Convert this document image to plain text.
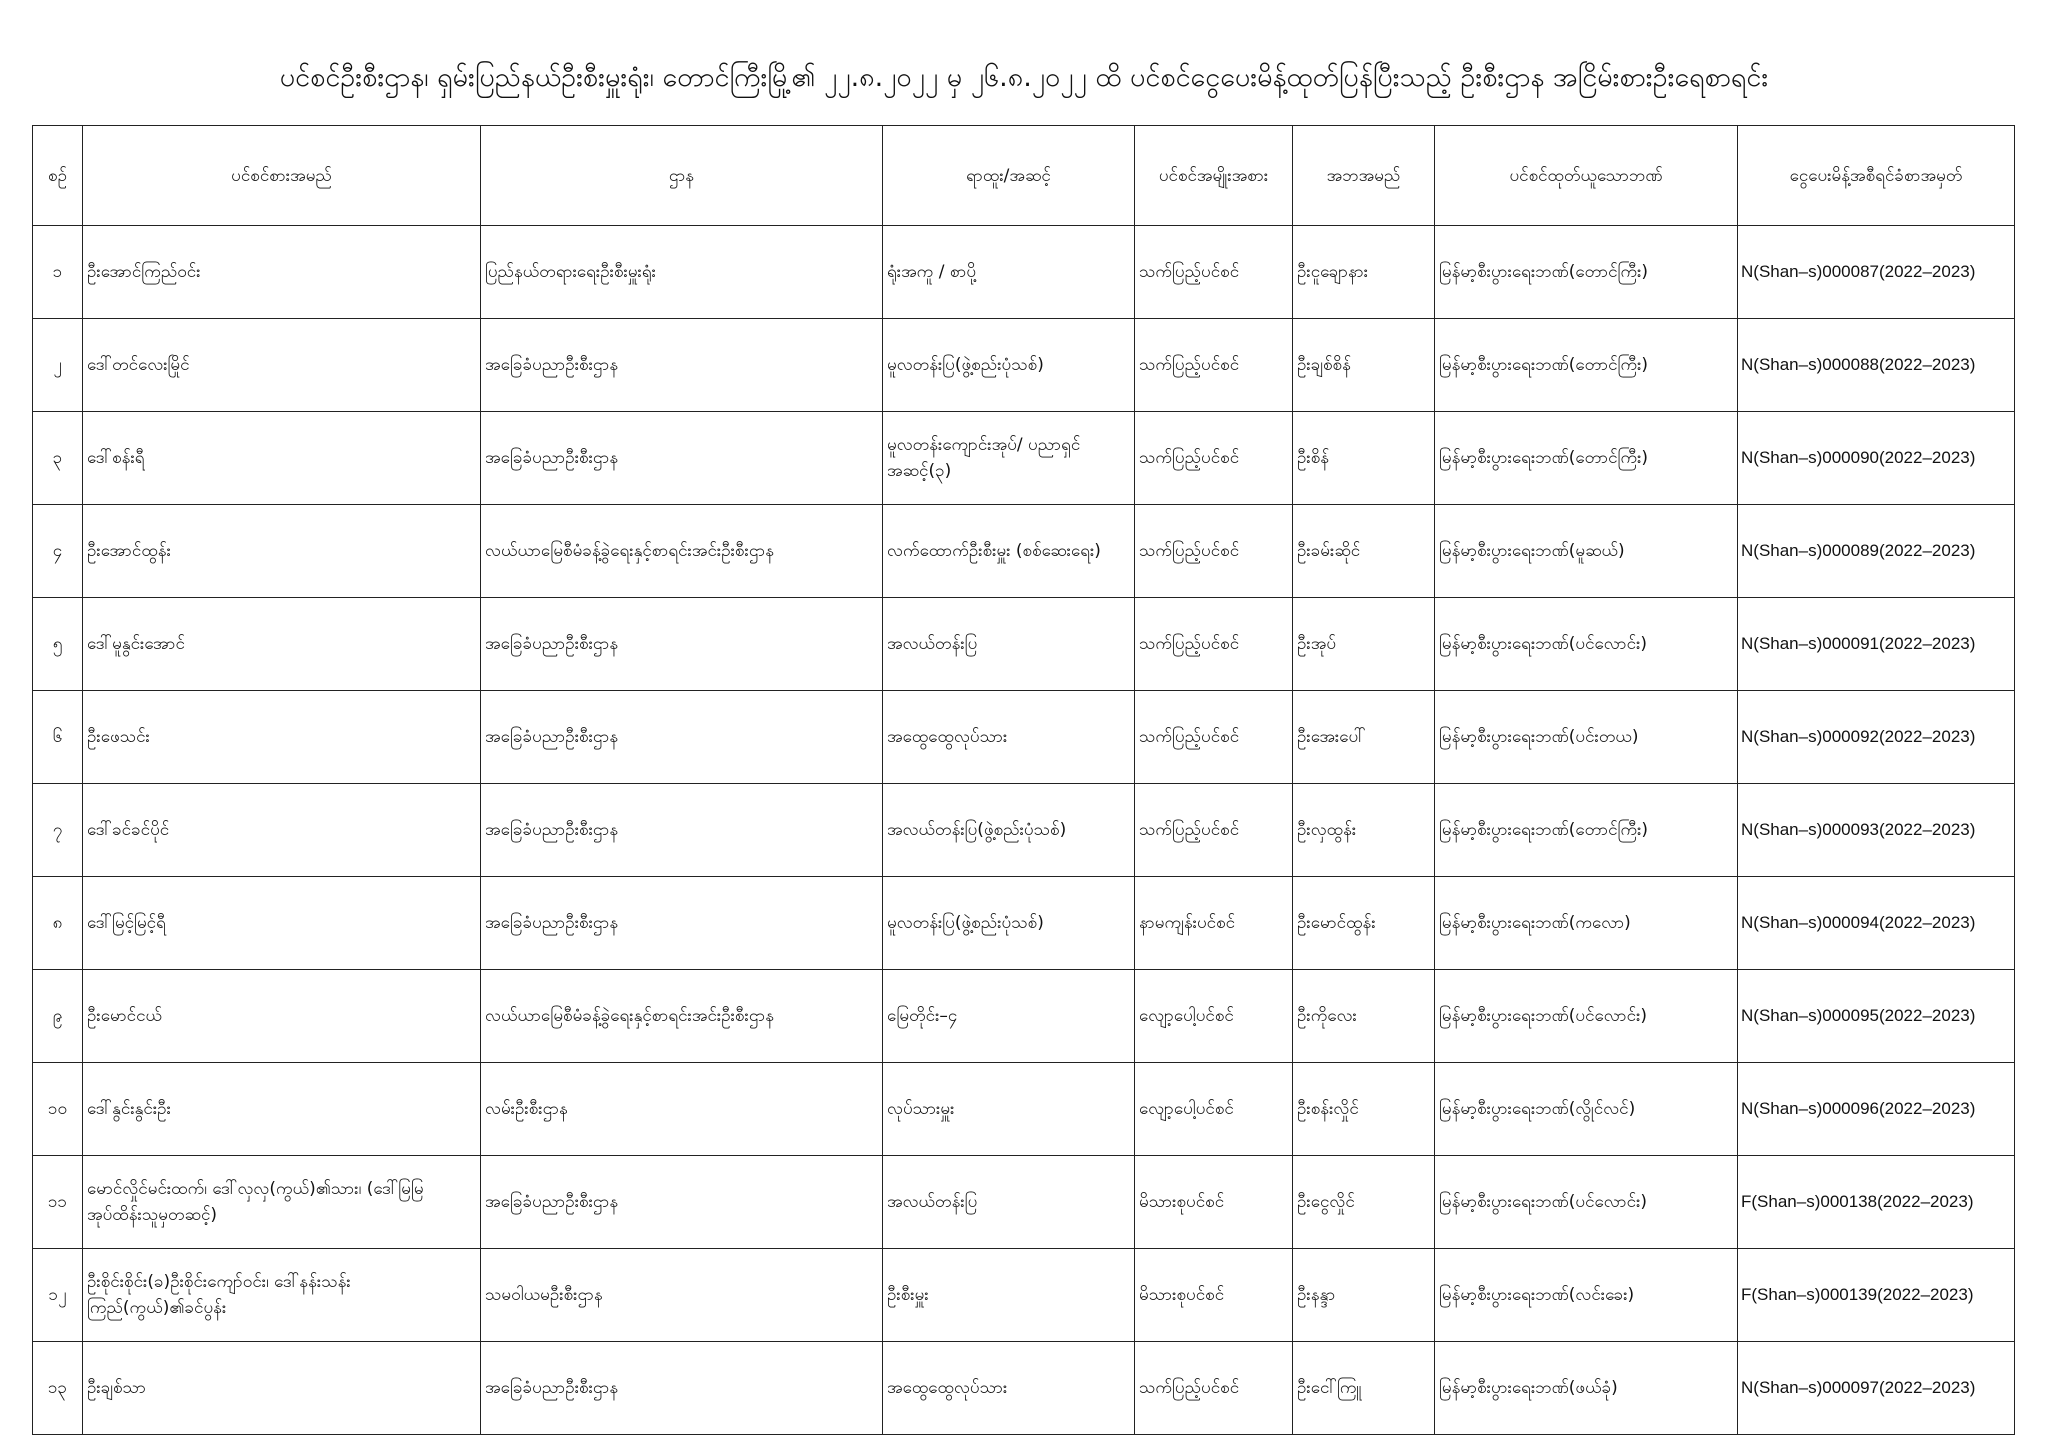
ပင်စင်ဦးစီးဌာန၊ ရှမ်းပြည်နယ်ဦးစီးမှူးရုံး၊ တောင်ကြီးမြို့၏ ၂၂.၈.၂၀၂၂ မှ ၂၆.၈.၂၀၂၂ ထိ ပင်စင်ငွေပေးမိန့်ထုတ်ပြန်ပြီးသည့် ဦးစီးဌာန အငြိမ်းစားဦးရေစာရင်း
စဉ်	ပင်စင်စားအမည်	ဌာန	ရာထူး/အဆင့်	ပင်စင်အမျိုးအစား	အဘအမည်	ပင်စင်ထုတ်ယူသောဘဏ်	ငွေပေးမိန့်အစီရင်ခံစာအမှတ်
၁	ဦးအောင်ကြည်ဝင်း	ပြည်နယ်တရားရေးဦးစီးမှူးရုံး	ရုံးအကူ / စာပို့	သက်ပြည့်ပင်စင်	ဦးငူချောနား	မြန်မာ့စီးပွားရေးဘဏ်(တောင်ကြီး)	N(Shan–s)000087(2022–2023)
၂	ဒေါ်တင်လေးမြိုင်	အခြေခံပညာဦးစီးဌာန	မူလတန်းပြ(ဖွဲ့စည်းပုံသစ်)	သက်ပြည့်ပင်စင်	ဦးချစ်စိန်	မြန်မာ့စီးပွားရေးဘဏ်(တောင်ကြီး)	N(Shan–s)000088(2022–2023)
၃	ဒေါ်စန်းရီ	အခြေခံပညာဦးစီးဌာန	မူလတန်းကျောင်းအုပ်/ ပညာရှင်အဆင့်(၃)	သက်ပြည့်ပင်စင်	ဦးစိန်	မြန်မာ့စီးပွားရေးဘဏ်(တောင်ကြီး)	N(Shan–s)000090(2022–2023)
၄	ဦးအောင်ထွန်း	လယ်ယာမြေစီမံခန့်ခွဲရေးနှင့်စာရင်းအင်းဦးစီးဌာန	လက်ထောက်ဦးစီးမှူး (စစ်ဆေးရေး)	သက်ပြည့်ပင်စင်	ဦးခမ်းဆိုင်	မြန်မာ့စီးပွားရေးဘဏ်(မူဆယ်)	N(Shan–s)000089(2022–2023)
၅	ဒေါ်မူနွင်းအောင်	အခြေခံပညာဦးစီးဌာန	အလယ်တန်းပြ	သက်ပြည့်ပင်စင်	ဦးအုပ်	မြန်မာ့စီးပွားရေးဘဏ်(ပင်လောင်း)	N(Shan–s)000091(2022–2023)
၆	ဦးဖေသင်း	အခြေခံပညာဦးစီးဌာန	အထွေထွေလုပ်သား	သက်ပြည့်ပင်စင်	ဦးအေးပေါ်	မြန်မာ့စီးပွားရေးဘဏ်(ပင်းတယ)	N(Shan–s)000092(2022–2023)
၇	ဒေါ်ခင်ခင်ပိုင်	အခြေခံပညာဦးစီးဌာန	အလယ်တန်းပြ(ဖွဲ့စည်းပုံသစ်)	သက်ပြည့်ပင်စင်	ဦးလှထွန်း	မြန်မာ့စီးပွားရေးဘဏ်(တောင်ကြီး)	N(Shan–s)000093(2022–2023)
၈	ဒေါ်မြင့်မြင့်ရီ	အခြေခံပညာဦးစီးဌာန	မူလတန်းပြ(ဖွဲ့စည်းပုံသစ်)	နာမကျန်းပင်စင်	ဦးမောင်ထွန်း	မြန်မာ့စီးပွားရေးဘဏ်(ကလော)	N(Shan–s)000094(2022–2023)
၉	ဦးမောင်ငယ်	လယ်ယာမြေစီမံခန့်ခွဲရေးနှင့်စာရင်းအင်းဦးစီးဌာန	မြေတိုင်း–၄	လျော့ပေါ့ပင်စင်	ဦးကိုလေး	မြန်မာ့စီးပွားရေးဘဏ်(ပင်လောင်း)	N(Shan–s)000095(2022–2023)
၁၀	ဒေါ်နွင်းနွင်းဦး	လမ်းဦးစီးဌာန	လုပ်သားမှူး	လျော့ပေါ့ပင်စင်	ဦးစန်းလှိုင်	မြန်မာ့စီးပွားရေးဘဏ်(လွိုင်လင်)	N(Shan–s)000096(2022–2023)
၁၁	မောင်လှိုင်မင်းထက်၊ ဒေါ်လှလှ(ကွယ်)၏သား၊ (ဒေါ်မြမြအုပ်ထိန်းသူမှတဆင့်)	အခြေခံပညာဦးစီးဌာန	အလယ်တန်းပြ	မိသားစုပင်စင်	ဦးငွေလှိုင်	မြန်မာ့စီးပွားရေးဘဏ်(ပင်လောင်း)	F(Shan–s)000138(2022–2023)
၁၂	ဦးစိုင်းစိုင်း(ခ)ဦးစိုင်းကျော်ဝင်း၊ ဒေါ်နန်းသန်းကြည်(ကွယ်)၏ခင်ပွန်း	သမဝါယမဦးစီးဌာန	ဦးစီးမှူး	မိသားစုပင်စင်	ဦးနန္ဒာ	မြန်မာ့စီးပွားရေးဘဏ်(လင်းခေး)	F(Shan–s)000139(2022–2023)
၁၃	ဦးချစ်သာ	အခြေခံပညာဦးစီးဌာန	အထွေထွေလုပ်သား	သက်ပြည့်ပင်စင်	ဦးငေါ်ကြူ	မြန်မာ့စီးပွားရေးဘဏ်(ဖယ်ခုံ)	N(Shan–s)000097(2022–2023)
